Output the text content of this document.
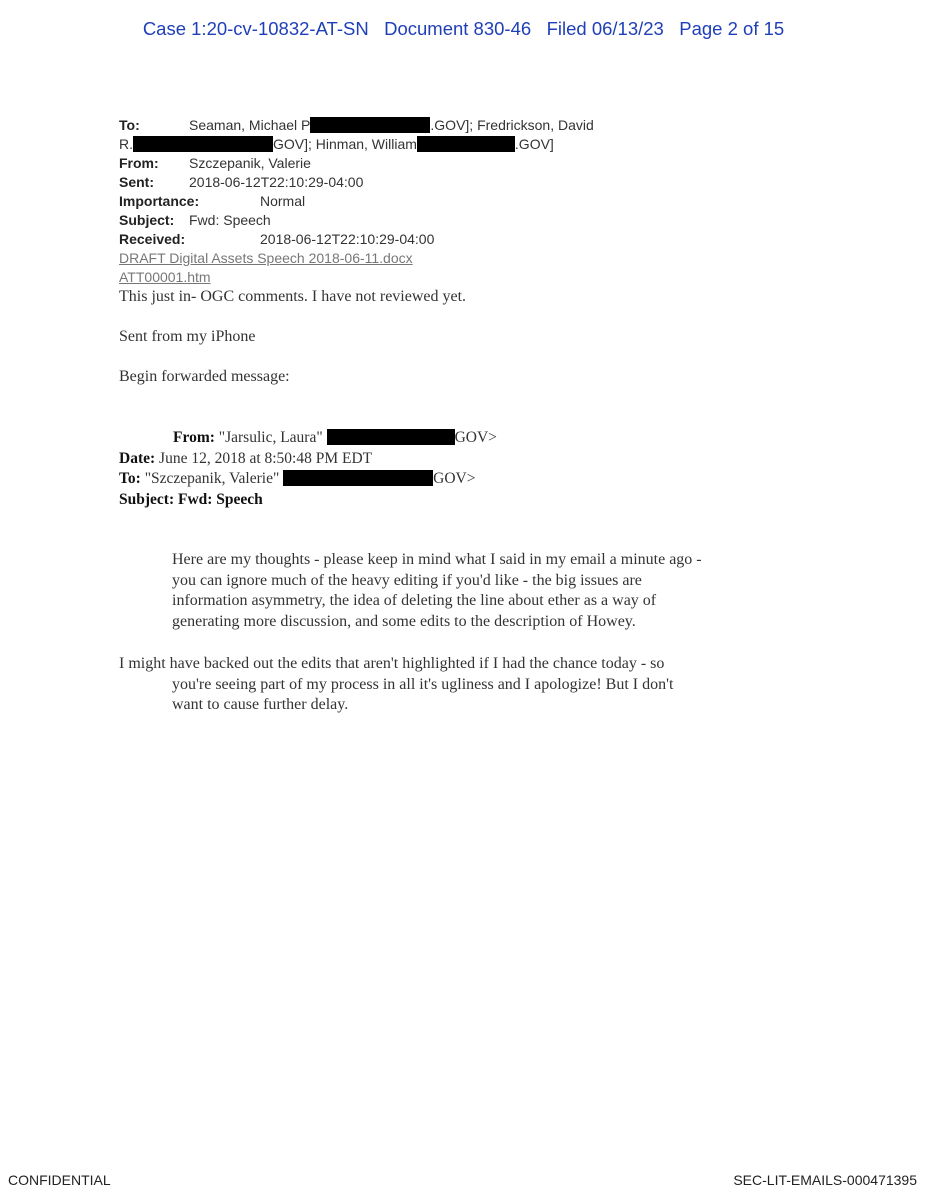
Case 1:20-cv-10832-AT-SN   Document 830-46   Filed 06/13/23   Page 2 of 15
To:	Seaman, Michael P	.GOV]; Fredrickson, David
R.	GOV]; Hinman, William	.GOV]
From: Szczepanik, Valerie
Sent:	2018-06-12T22:10:29-04:00
Importance:	Normal
Subject: Fwd: Speech
Received:	2018-06-12T22:10:29-04:00
DRAFT Digital Assets Speech 2018-06-11.docx
ATT00001.htm
This just in- OGC comments. I have not reviewed yet.
Sent from my iPhone
Begin forwarded message:
From: "Jarsulic, Laura"	GOV>
Date: June 12, 2018 at 8:50:48 PM EDT
To: "Szczepanik, Valerie"	GOV>
Subject: Fwd: Speech
Here are my thoughts - please keep in mind what I said in my email a minute ago -
you can ignore much of the heavy editing if you'd like - the big issues are
information asymmetry, the idea of deleting the line about ether as a way of
generating more discussion, and some edits to the description of Howey.
I might have backed out the edits that aren't highlighted if I had the chance today - so
you're seeing part of my process in all it's ugliness and I apologize! But I don't
want to cause further delay.
CONFIDENTIAL	SEC-LIT-EMAILS-000471395
